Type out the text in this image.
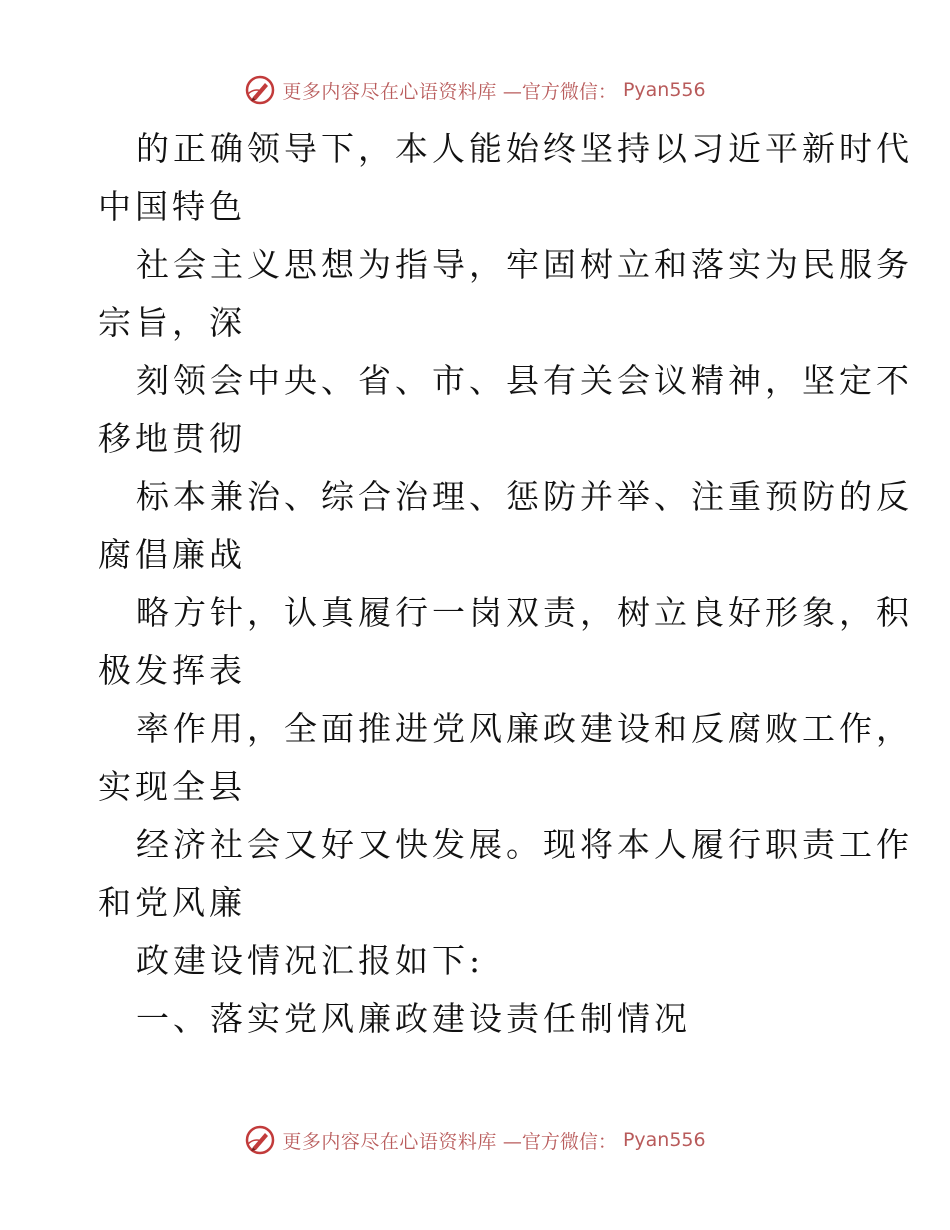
更多内容尽在心语资料库 —官方微信： Pyan556
的正确领导下，本人能始终坚持以习近平新时代
中国特色
社会主义思想为指导，牢固树立和落实为民服务
宗旨，深
刻领会中央、省、市、县有关会议精神，坚定不
移地贯彻
标本兼治、综合治理、惩防并举、注重预防的反
腐倡廉战
略方针，认真履行一岗双责，树立良好形象，积
极发挥表
率作用，全面推进党风廉政建设和反腐败工作，
实现全县
经济社会又好又快发展。现将本人履行职责工作
和党风廉
政建设情况汇报如下:
一、落实党风廉政建设责任制情况
更多内容尽在心语资料库 —官方微信： Pyan556
